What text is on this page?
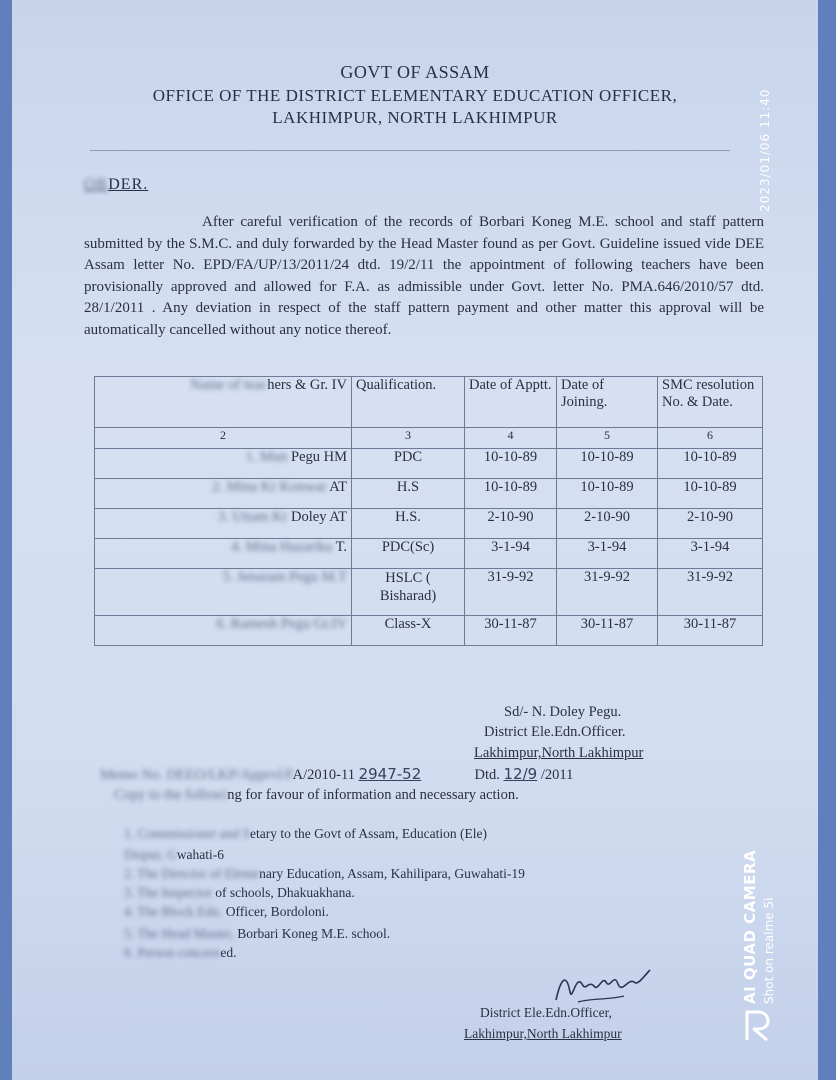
GOVT OF ASSAM
OFFICE OF THE DISTRICT ELEMENTARY EDUCATION OFFICER,
LAKHIMPUR, NORTH LAKHIMPUR
ORDER.
After careful verification of the records of Borbari Koneg M.E. school and staff pattern submitted by the S.M.C. and duly forwarded by the Head Master found as per Govt. Guideline issued vide DEE Assam letter No. EPD/FA/UP/13/2011/24 dtd. 19/2/11 the appointment of following teachers have been provisionally approved and allowed for F.A. as admissible under Govt. letter No. PMA.646/2010/57 dtd. 28/1/2011 . Any deviation in respect of the staff pattern payment and other matter this approval will be automatically cancelled without any notice thereof.
Name of teachers & Gr. IV	Qualification.	Date of Apptt.	Date of Joining.	SMC resolution No. & Date.
2	3	4	5	6
1. Mun Pegu HM	PDC	10-10-89	10-10-89	10-10-89
2. Mina Kr Konwar AT	H.S	10-10-89	10-10-89	10-10-89
3. Uttam Kr Doley AT	H.S.	2-10-90	2-10-90	2-10-90
4. Mina Hazarika T.	PDC(Sc)	3-1-94	3-1-94	3-1-94
5. Jenaram Pegu M.T	HSLC ( Bisharad)	31-9-92	31-9-92	31-9-92
6. Ramesh Pegu Gr.IV	Class-X	30-11-87	30-11-87	30-11-87
Sd/- N. Doley Pegu.
District Ele.Edn.Officer.
Lakhimpur,North Lakhimpur
Memo No. DEEO/LKP/Apprvl/FA/2010-11 2947-52	Dtd. 12/9 /2011
Copy to the following for favour of information and necessary action.
1. Commissioner and Setary to the Govt of Assam, Education (Ele)
Dispur, Gwahati-6
2. The Director of Elemenary Education, Assam, Kahilipara, Guwahati-19
3. The Inspector of schools, Dhakuakhana.
4. The Block Edn. Officer, Bordoloni.
5. The Head Master, Borbari Koneg M.E. school.
6. Person concerned.
District Ele.Edn.Officer,
Lakhimpur,North Lakhimpur
2023/01/06 11:40
AI QUAD CAMERA Shot on realme 5i
